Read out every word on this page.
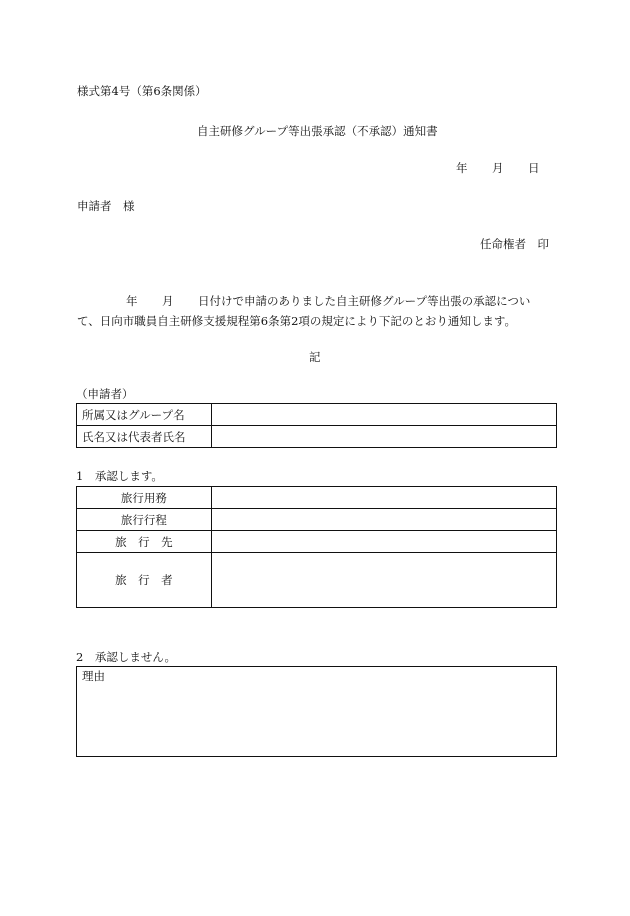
様式第4号（第6条関係）
自主研修グループ等出張承認（不承認）通知書
年 月 日
申請者　様
任命権者　印
年 月 日付けで申請のありました自主研修グループ等出張の承認につい
て、日向市職員自主研修支援規程第6条第2項の規定により下記のとおり通知します。
記
（申請者）
所属又はグループ名	
氏名又は代表者氏名	
1　承認します。
旅行用務	
旅行行程	
旅　行　先	
旅　行　者	
2　承認しません。
理由
